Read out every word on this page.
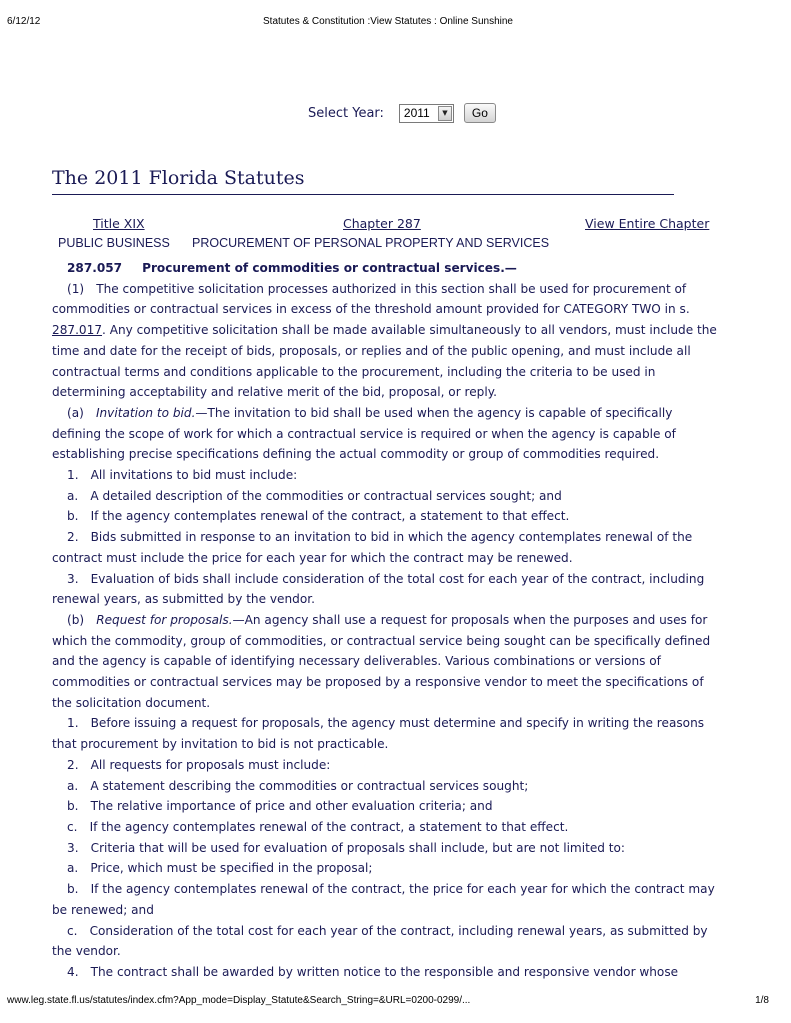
6/12/12	Statutes & Constitution :View Statutes : Online Sunshine
Select Year:	2011	▼	Go
The 2011 Florida Statutes
Title XIX	Chapter 287	View Entire Chapter
PUBLIC BUSINESS PROCUREMENT OF PERSONAL PROPERTY AND SERVICES

287.057 Procurement of commodities or contractual services.—

(1) The competitive solicitation processes authorized in this section shall be used for procurement of commodities or contractual services in excess of the threshold amount provided for CATEGORY TWO in s. 287.017. Any competitive solicitation shall be made available simultaneously to all vendors, must include the time and date for the receipt of bids, proposals, or replies and of the public opening, and must include all contractual terms and conditions applicable to the procurement, including the criteria to be used in determining acceptability and relative merit of the bid, proposal, or reply.

(a) Invitation to bid.—The invitation to bid shall be used when the agency is capable of specifically defining the scope of work for which a contractual service is required or when the agency is capable of establishing precise specifications defining the actual commodity or group of commodities required.

1. All invitations to bid must include:

a. A detailed description of the commodities or contractual services sought; and

b. If the agency contemplates renewal of the contract, a statement to that effect.

2. Bids submitted in response to an invitation to bid in which the agency contemplates renewal of the contract must include the price for each year for which the contract may be renewed.

3. Evaluation of bids shall include consideration of the total cost for each year of the contract, including renewal years, as submitted by the vendor.

(b) Request for proposals.—An agency shall use a request for proposals when the purposes and uses for which the commodity, group of commodities, or contractual service being sought can be specifically defined and the agency is capable of identifying necessary deliverables. Various combinations or versions of commodities or contractual services may be proposed by a responsive vendor to meet the specifications of the solicitation document.

1. Before issuing a request for proposals, the agency must determine and specify in writing the reasons that procurement by invitation to bid is not practicable.

2. All requests for proposals must include:

a. A statement describing the commodities or contractual services sought;

b. The relative importance of price and other evaluation criteria; and

c. If the agency contemplates renewal of the contract, a statement to that effect.

3. Criteria that will be used for evaluation of proposals shall include, but are not limited to:

a. Price, which must be specified in the proposal;

b. If the agency contemplates renewal of the contract, the price for each year for which the contract may be renewed; and

c. Consideration of the total cost for each year of the contract, including renewal years, as submitted by the vendor.

4. The contract shall be awarded by written notice to the responsible and responsive vendor whose

www.leg.state.fl.us/statutes/index.cfm?App_mode=Display_Statute&Search_String=&URL=0200-0299/...	1/8
